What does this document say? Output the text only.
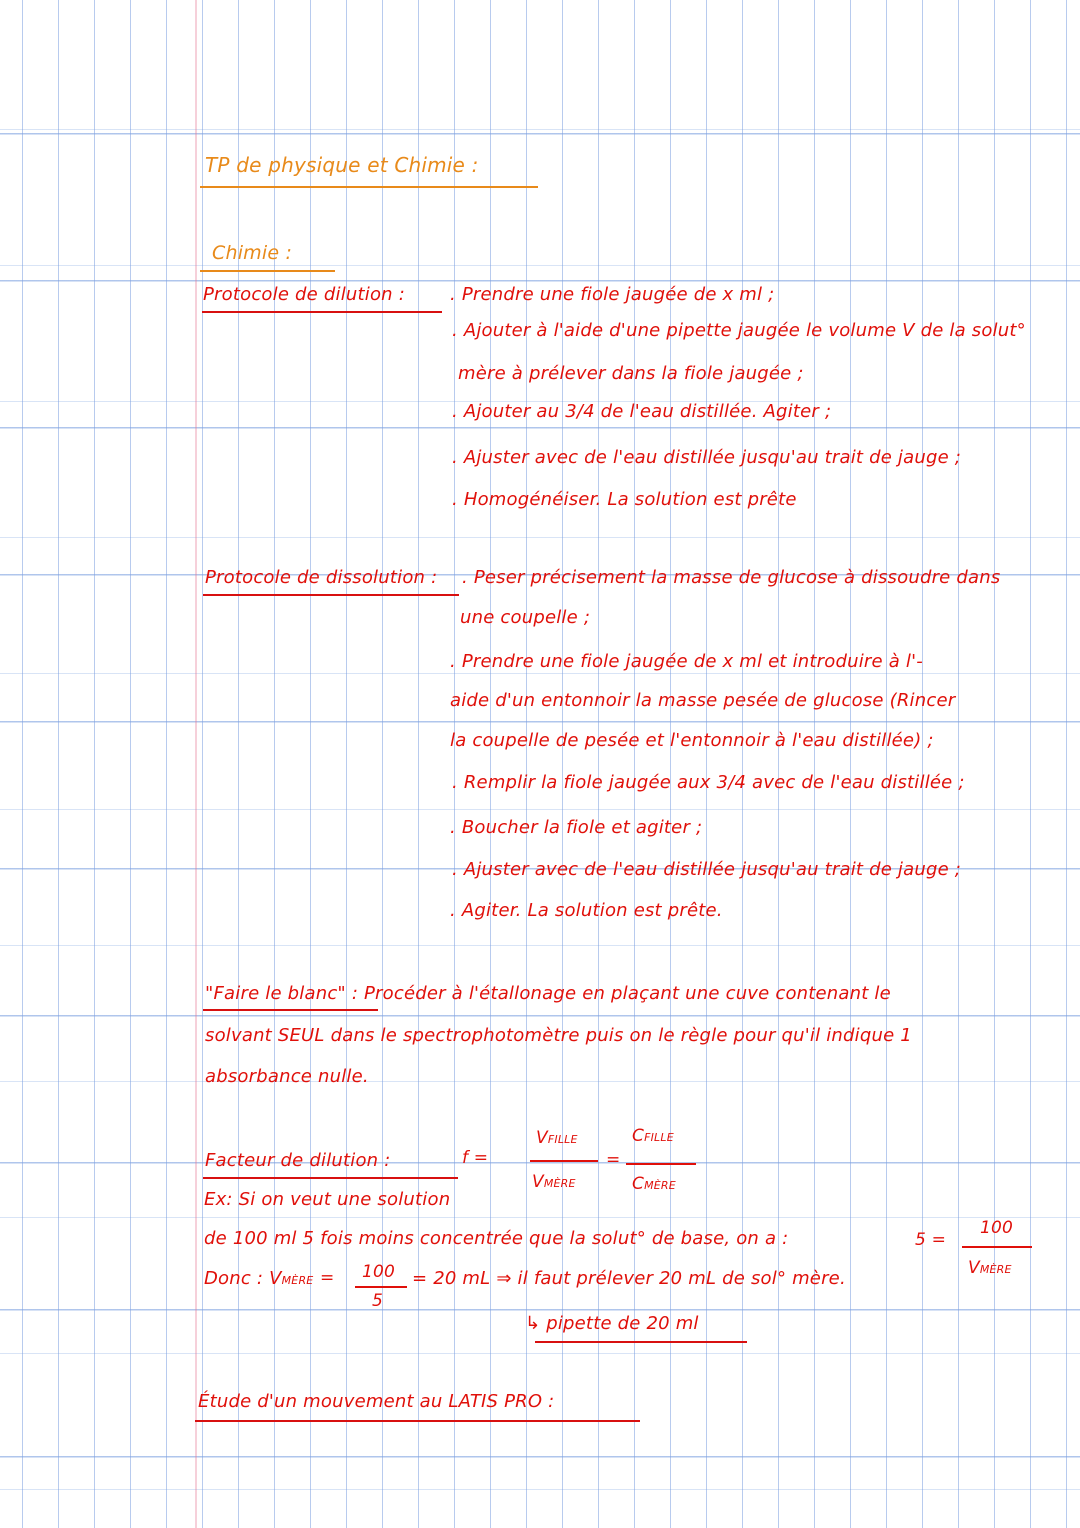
TP de physique et Chimie :
Chimie :
Protocole de dilution :	. Prendre une fiole jaugée de x ml ;
. Ajouter à l'aide d'une pipette jaugée le volume V de la solut°
mère à prélever dans la fiole jaugée ;
. Ajouter au 3/4 de l'eau distillée. Agiter ;
. Ajuster avec de l'eau distillée jusqu'au trait de jauge ;
. Homogénéiser. La solution est prête
Protocole de dissolution : . Peser précisement la masse de glucose à dissoudre dans
une coupelle ;
. Prendre une fiole jaugée de x ml et introduire à l'-
aide d'un entonnoir la masse pesée de glucose (Rincer
la coupelle de pesée et l'entonnoir à l'eau distillée) ;
. Remplir la fiole jaugée aux 3/4 avec de l'eau distillée ;
. Boucher la fiole et agiter ;
. Ajuster avec de l'eau distillée jusqu'au trait de jauge ;
. Agiter. La solution est prête.
"Faire le blanc" : Procéder à l'étallonage en plaçant une cuve contenant le
solvant SEUL dans le spectrophotomètre puis on le règle pour qu'il indique 1
absorbance nulle.
Facteur de dilution :	f =
VFILLE
VMÈRE
=
CFILLE
CMÈRE
Ex: Si on veut une solution
de 100 ml 5 fois moins concentrée que la solut° de base, on a :	5 =
100
VMÈRE
Donc : VMÈRE = 100
5
= 20 mL ⇒ il faut prélever 20 mL de sol° mère.
↳ pipette de 20 ml
Étude d'un mouvement au LATIS PRO :
